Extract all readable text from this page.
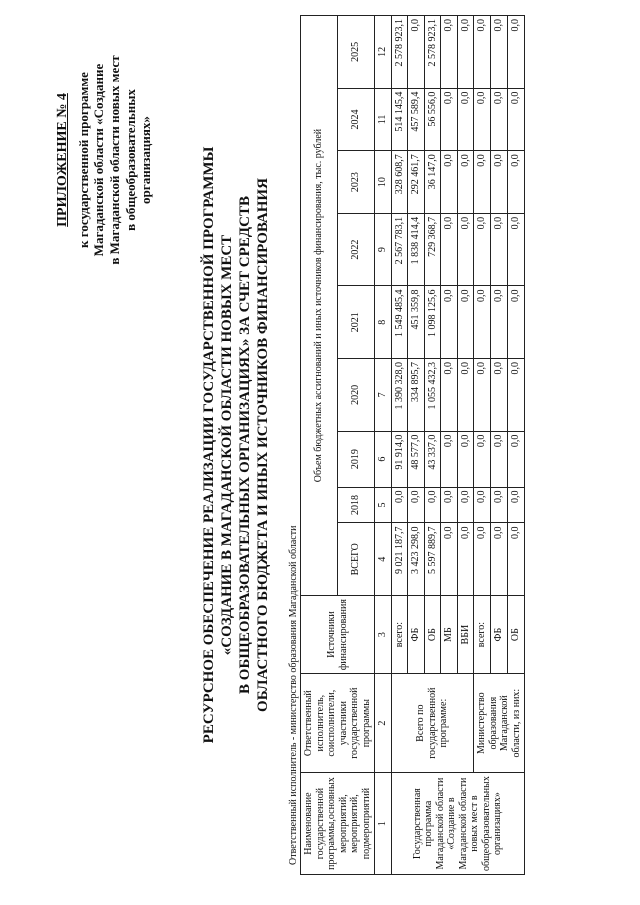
ПРИЛОЖЕНИЕ № 4 к государственной программе Магаданской области «Создание в Магаданской области новых мест в общеобразовательных организациях»	РЕСУРСНОЕ ОБЕСПЕЧЕНИЕ РЕАЛИЗАЦИИ ГОСУДАРСТВЕННОЙ ПРОГРАММЫ «СОЗДАНИЕ В МАГАДАНСКОЙ ОБЛАСТИ НОВЫХ МЕСТ В ОБЩЕОБРАЗОВАТЕЛЬНЫХ ОРГАНИЗАЦИЯХ» ЗА СЧЕТ СРЕДСТВ ОБЛАСТНОГО БЮДЖЕТА И ИНЫХ ИСТОЧНИКОВ ФИНАНСИРОВАНИЯ Ответственный исполнитель - министерство образования Магаданской области Наименование государственной программы,основных мероприятий, мероприятий, подмероприятий	Ответственный исполнитель, соисполнители, участники государственной программы	Источники финансирования	Объем бюджетных ассигнований и иных источников финансирования, тыс. рублей								
			ВСЕГО	2018	2019	2020	2021	2022	2023	2024	2025
1	2	3	4	5	6	7	8	9	10	11	12
Государственная программа Магаданской области «Создание в Магаданской области новых мест в общеобразовательных организациях»	Всего по государственной программе:	всего:	9 021 187,7	0,0	91 914,0	1 390 328,0	1 549 485,4	2 567 783,1	328 608,7	514 145,4	2 578 923,1
		ФБ	3 423 298,0	0,0	48 577,0	334 895,7	451 359,8	1 838 414,4	292 461,7	457 589,4	0,0
		ОБ	5 597 889,7	0,0	43 337,0	1 055 432,3	1 098 125,6	729 368,7	36 147,0	56 556,0	2 578 923,1
		МБ	0,0	0,0	0,0	0,0	0,0	0,0	0,0	0,0	0,0
		ВБИ	0,0	0,0	0,0	0,0	0,0	0,0	0,0	0,0	0,0
	Министерство образования Магаданской области, из них:	всего:	0,0	0,0	0,0	0,0	0,0	0,0	0,0	0,0	0,0
		ФБ	0,0	0,0	0,0	0,0	0,0	0,0	0,0	0,0	0,0
		ОБ	0,0	0,0	0,0	0,0	0,0	0,0	0,0	0,0	0,0
